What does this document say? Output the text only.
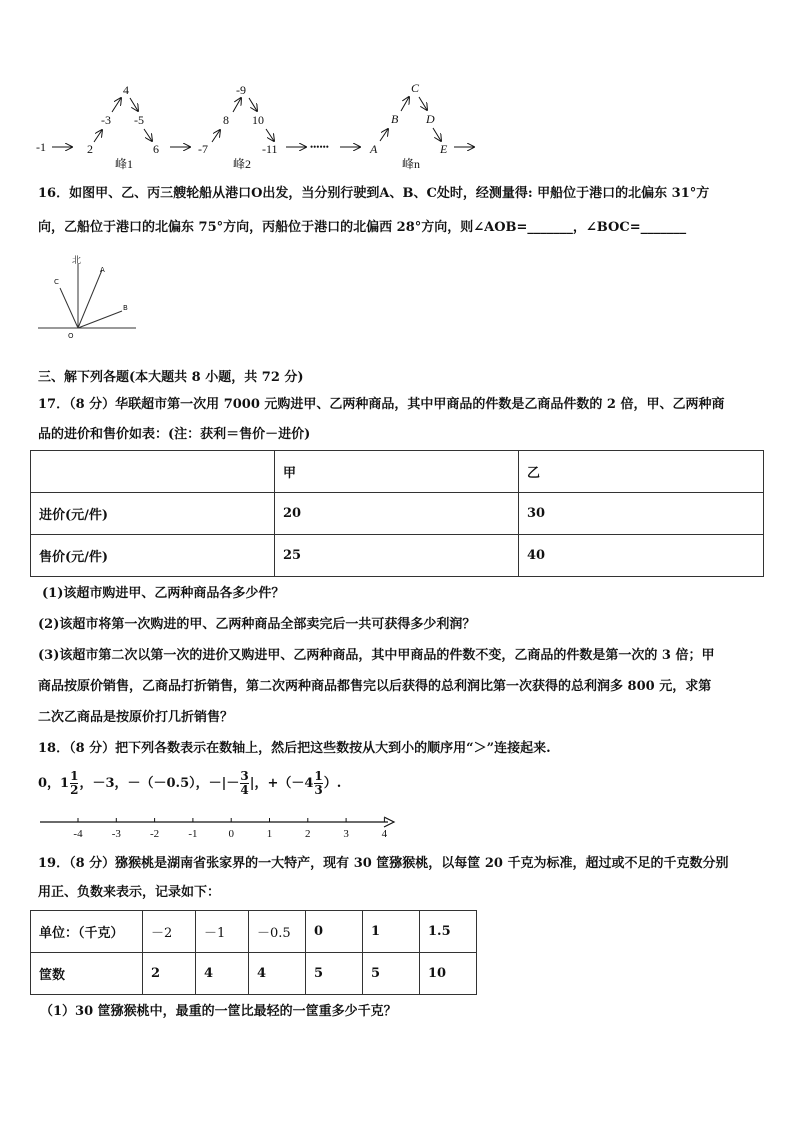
-1	2
-3
4
-5
6
峰1
-7
8
-9
10
-11
峰2
••••••	A
B
C
D
E
峰n
16．如图甲、乙、丙三艘轮船从港口O出发，当分别行驶到A、B、C处时，经测量得: 甲船位于港口的北偏东 31°方
向，乙船位于港口的北偏东 75°方向，丙船位于港口的北偏西 28°方向，则∠AOB=_______，∠BOC=_______
北
A
B
C
O
三、解下列各题(本大题共 8 小题，共 72 分)
17．（8 分）华联超市第一次用 7000 元购进甲、乙两种商品，其中甲商品的件数是乙商品件数的 2 倍，甲、乙两种商
品的进价和售价如表：(注：获利＝售价－进价)
	甲	乙
进价(元/件)	20	30
售价(元/件)	25	40
(1)该超市购进甲、乙两种商品各多少件？
(2)该超市将第一次购进的甲、乙两种商品全部卖完后一共可获得多少利润？
(3)该超市第二次以第一次的进价又购进甲、乙两种商品，其中甲商品的件数不变，乙商品的件数是第一次的 3 倍；甲
商品按原价销售，乙商品打折销售，第二次两种商品都售完以后获得的总利润比第一次获得的总利润多 800 元，求第
二次乙商品是按原价打几折销售？
18．（8 分）把下列各数表示在数轴上，然后把这些数按从大到小的顺序用“＞”连接起来.
0，$1 \frac{1}{2}$ ，－3，－（－0.5），－|－ $\frac{3}{4}$ |，$+(-4 \frac{1}{3}$ ）.
-4	-3	-2	-1	0	1	2	3	4
19．（8 分）猕猴桃是湖南省张家界的一大特产，现有 30 筐猕猴桃，以每筐 20 千克为标准，超过或不足的千克数分别
用正、负数来表示，记录如下：
单位：（千克）	－2	－1	－0.5	0	1	1.5
筐数	2	4	4	5	5	10
（1）30 筐猕猴桃中，最重的一筐比最轻的一筐重多少千克？
